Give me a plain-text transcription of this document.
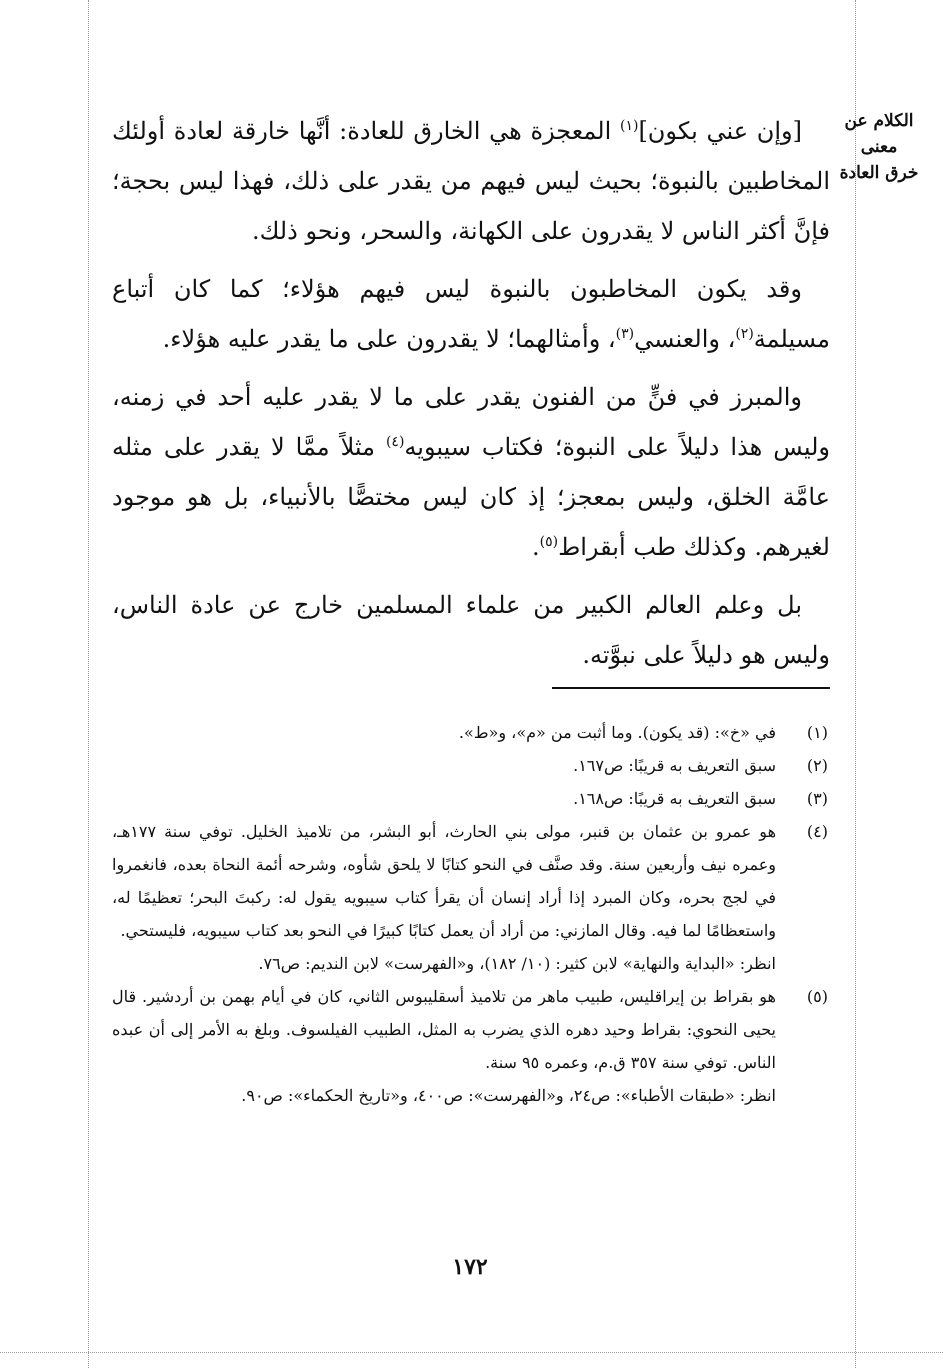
الكلام عن معنى
خرق العادة

[وإن عني بكون]$^{(١)}$ المعجزة هي الخارق للعادة: أنَّها خارقة لعادة أولئك المخاطبين بالنبوة؛ بحيث ليس فيهم من يقدر على ذلك، فهذا ليس بحجة؛ فإنَّ أكثر الناس لا يقدرون على الكهانة، والسحر، ونحو ذلك.

وقد يكون المخاطبون بالنبوة ليس فيهم هؤلاء؛ كما كان أتباع مسيلمة$^{(٢)}$، والعنسي$^{(٣)}$، وأمثالهما؛ لا يقدرون على ما يقدر عليه هؤلاء.

والمبرز في فنٍّ من الفنون يقدر على ما لا يقدر عليه أحد في زمنه، وليس هذا دليلاً على النبوة؛ فكتاب سيبويه$^{(٤)}$ مثلاً ممَّا لا يقدر على مثله عامَّة الخلق، وليس بمعجز؛ إذ كان ليس مختصًّا بالأنبياء، بل هو موجود لغيرهم. وكذلك طب أبقراط$^{(٥)}$.

بل وعلم العالم الكبير من علماء المسلمين خارج عن عادة الناس، وليس هو دليلاً على نبوَّته.

(١)
في «خ»: (قد يكون). وما أثبت من «م»، و«ط».
(٢)
سبق التعريف به قريبًا: ص١٦٧.
(٣)
سبق التعريف به قريبًا: ص١٦٨.
(٤)
هو عمرو بن عثمان بن قنبر، مولى بني الحارث، أبو البشر، من تلاميذ الخليل. توفي سنة ١٧٧هـ، وعمره نيف وأربعين سنة. وقد صنَّف في النحو كتابًا لا يلحق شأوه، وشرحه أئمة النحاة بعده، فانغمروا في لجج بحره، وكان المبرد إذا أراد إنسان أن يقرأ كتاب سيبويه يقول له: ركبتَ البحر؛ تعظيمًا له، واستعظامًا لما فيه. وقال المازني: من أراد أن يعمل كتابًا كبيرًا في النحو بعد كتاب سيبويه، فليستحي.
انظر: «البداية والنهاية» لابن كثير: (١٠/ ١٨٢)، و«الفهرست» لابن النديم: ص٧٦.
(٥)
هو بقراط بن إيراقليس، طبيب ماهر من تلاميذ أسقليبوس الثاني، كان في أيام بهمن بن أردشير. قال يحيى النحوي: بقراط وحيد دهره الذي يضرب به المثل، الطبيب الفيلسوف. وبلغ به الأمر إلى أن عبده الناس. توفي سنة ٣٥٧ ق.م، وعمره ٩٥ سنة.
انظر: «طبقات الأطباء»: ص٢٤، و«الفهرست»: ص٤٠٠، و«تاريخ الحكماء»: ص٩٠.
١٧٢
